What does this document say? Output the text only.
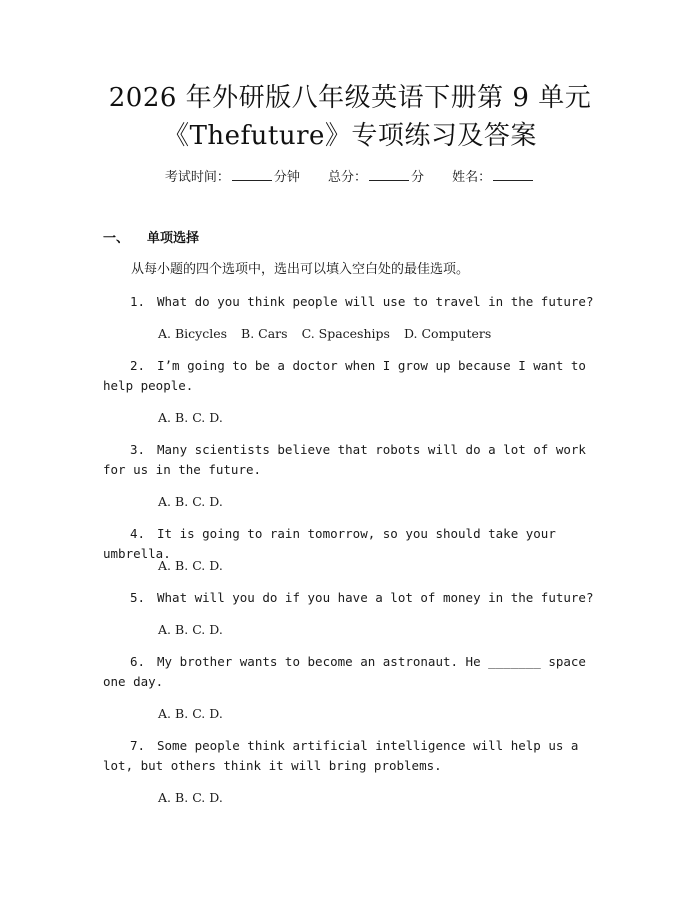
2026 年外研版八年级英语下册第 9 单元
《Thefuture》专项练习及答案
考试时间：	分钟 总分：	分 姓名：
一、 单项选择
从每小题的四个选项中，选出可以填入空白处的最佳选项。
1. What do you think people will use to travel in the future?
A. Bicycles B. Cars C. Spaceships D. Computers
2. I’m going to be a doctor when I grow up because I want to help people.
A. B. C. D.
3. Many scientists believe that robots will do a lot of work for us in the future.
A. B. C. D.
4. It is going to rain tomorrow, so you should take your umbrella.
A. B. C. D.
5. What will you do if you have a lot of money in the future?
A. B. C. D.
6. My brother wants to become an astronaut. He _______ space one day.
A. B. C. D.
7. Some people think artificial intelligence will help us a lot, but others think it will bring problems.
A. B. C. D.
